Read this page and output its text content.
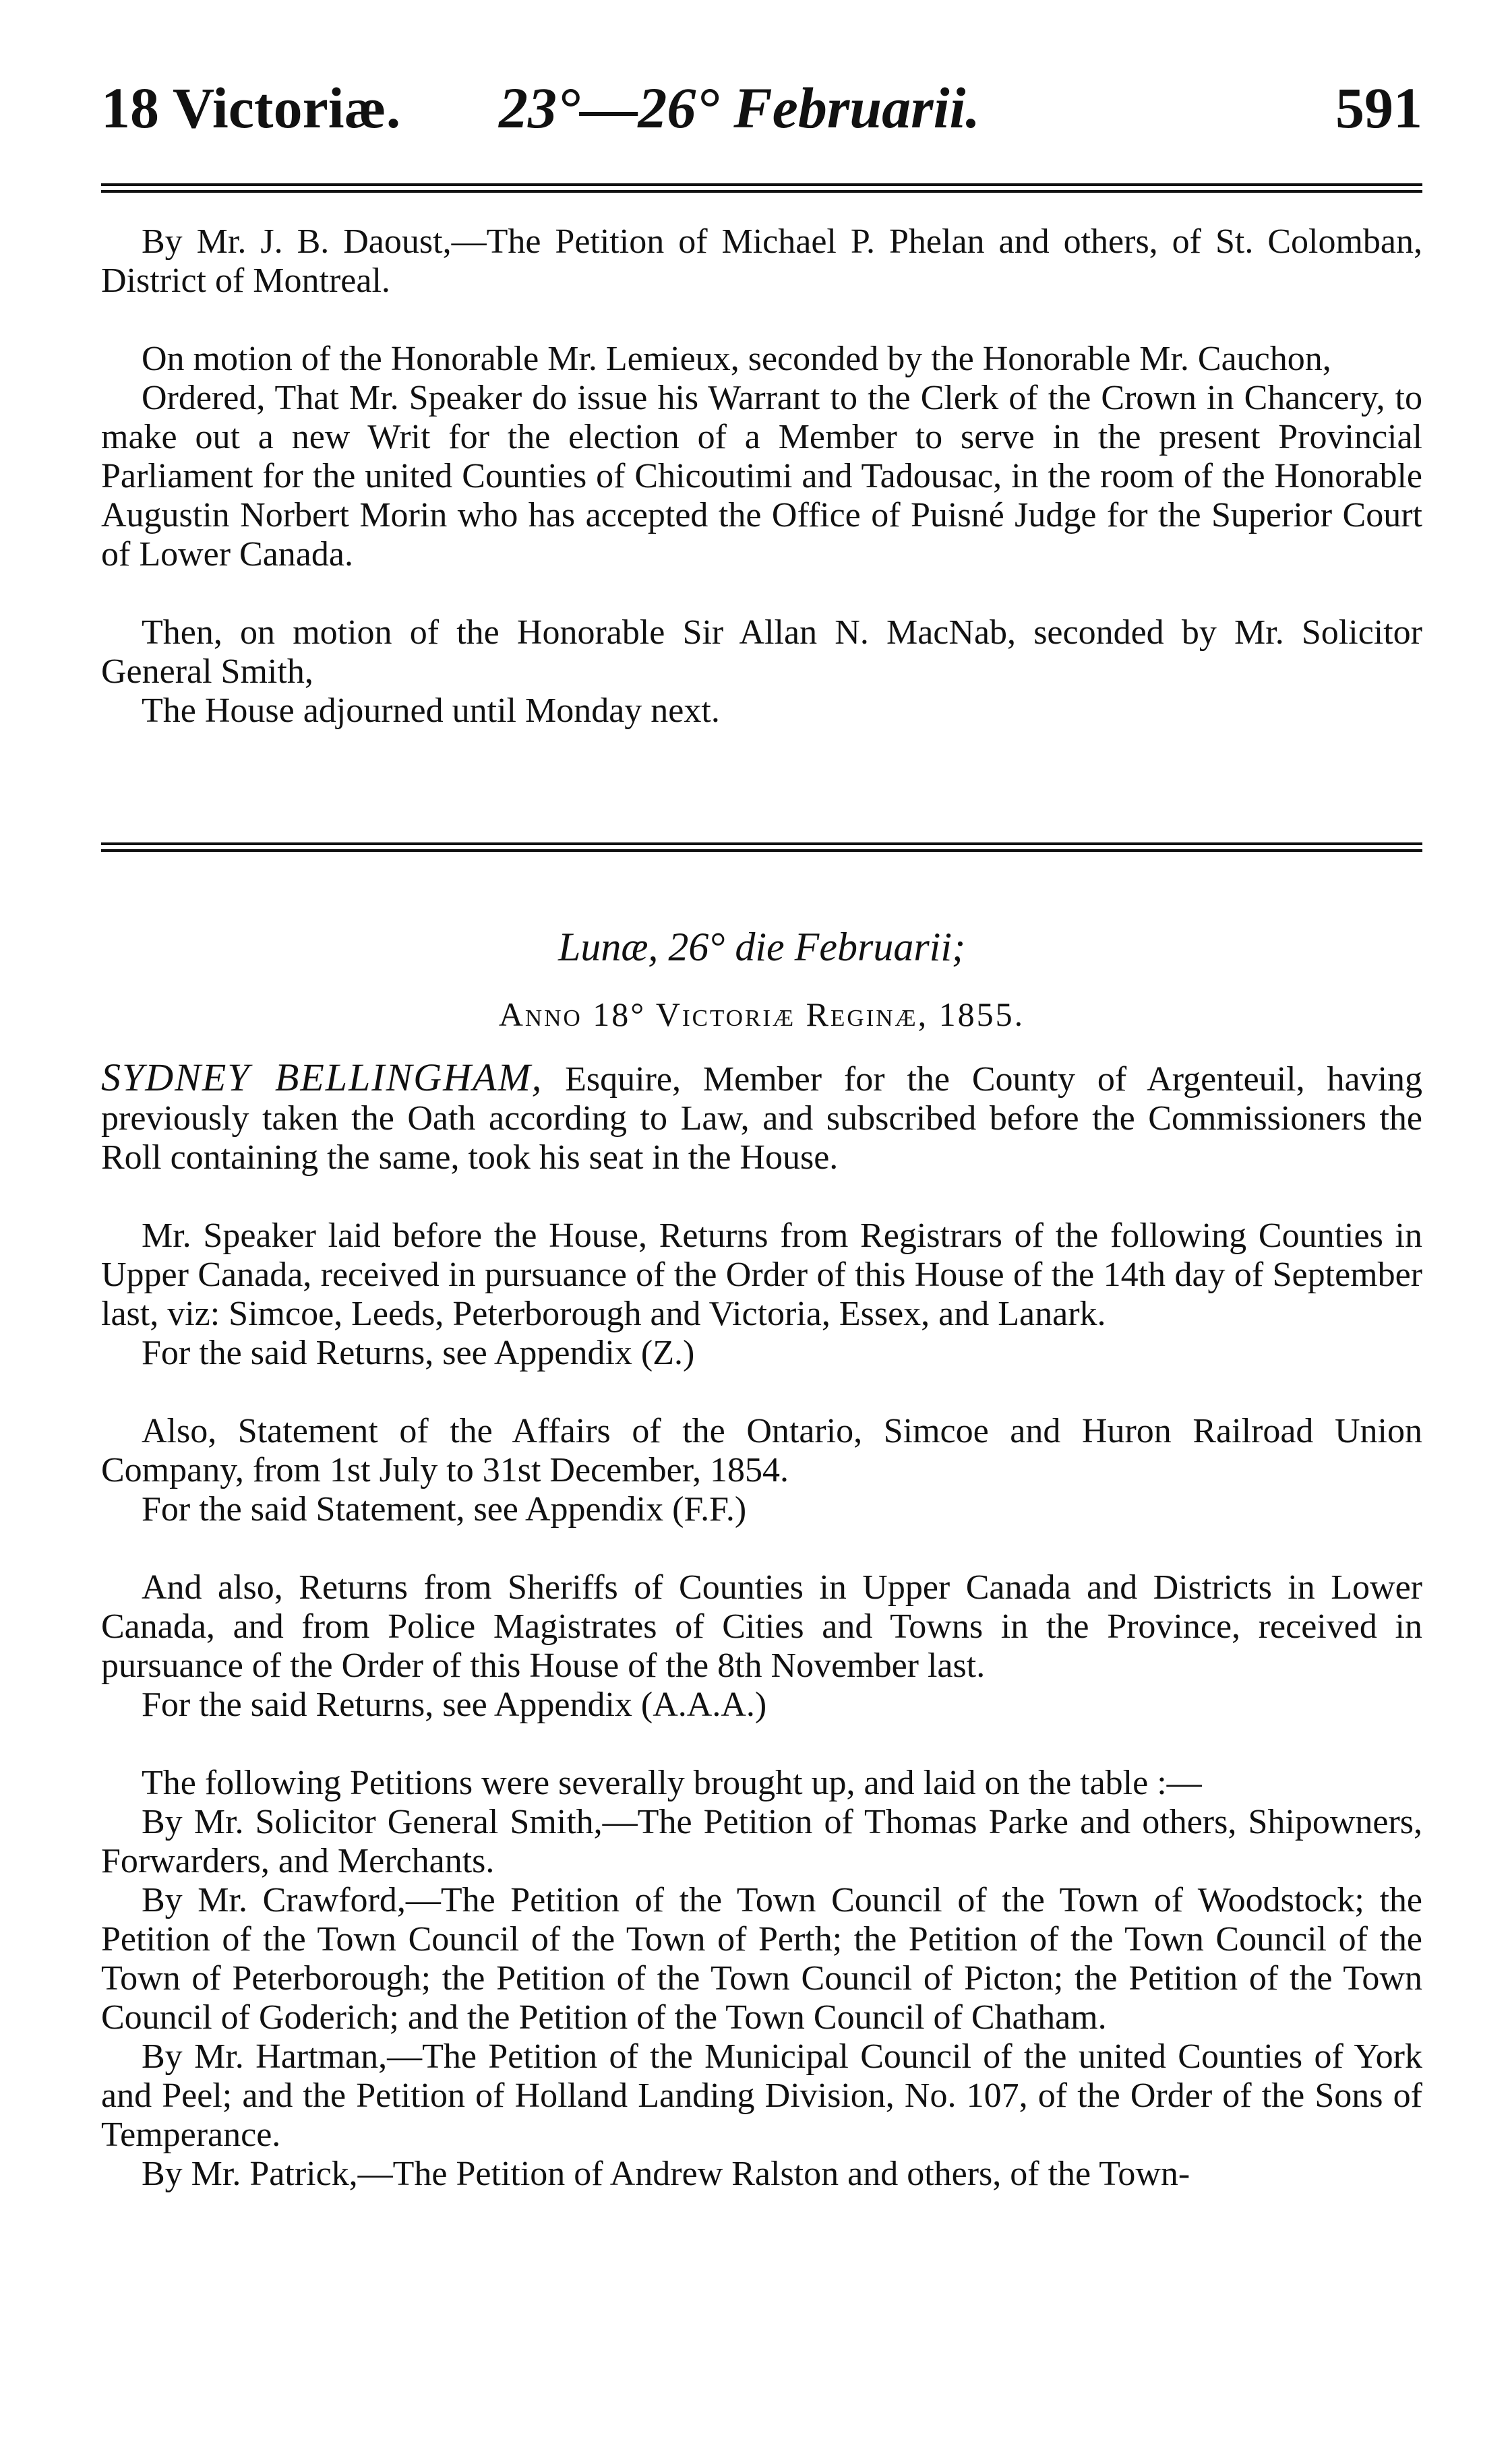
18 Victoriæ. 23°—26° Februarii.	591

By Mr. J. B. Daoust,—The Petition of Michael P. Phelan and others, of St. Colomban, District of Montreal.

On motion of the Honorable Mr. Lemieux, seconded by the Honorable Mr. Cauchon,

Ordered, That Mr. Speaker do issue his Warrant to the Clerk of the Crown in Chancery, to make out a new Writ for the election of a Member to serve in the present Provincial Parliament for the united Counties of Chicoutimi and Tadousac, in the room of the Honorable Augustin Norbert Morin who has accepted the Office of Puisné Judge for the Superior Court of Lower Canada.

Then, on motion of the Honorable Sir Allan N. MacNab, seconded by Mr. Solicitor General Smith,

The House adjourned until Monday next.

Lunæ, 26° die Februarii;

Anno 18° Victoriæ Reginæ, 1855.

SYDNEY BELLINGHAM, Esquire, Member for the County of Argenteuil, having previously taken the Oath according to Law, and subscribed before the Commissioners the Roll containing the same, took his seat in the House.

Mr. Speaker laid before the House, Returns from Registrars of the following Counties in Upper Canada, received in pursuance of the Order of this House of the 14th day of September last, viz: Simcoe, Leeds, Peterborough and Victoria, Essex, and Lanark.

For the said Returns, see Appendix (Z.)

Also, Statement of the Affairs of the Ontario, Simcoe and Huron Railroad Union Company, from 1st July to 31st December, 1854.

For the said Statement, see Appendix (F.F.)

And also, Returns from Sheriffs of Counties in Upper Canada and Districts in Lower Canada, and from Police Magistrates of Cities and Towns in the Province, received in pursuance of the Order of this House of the 8th November last.

For the said Returns, see Appendix (A.A.A.)

The following Petitions were severally brought up, and laid on the table :—

By Mr. Solicitor General Smith,—The Petition of Thomas Parke and others, Shipowners, Forwarders, and Merchants.

By Mr. Crawford,—The Petition of the Town Council of the Town of Woodstock; the Petition of the Town Council of the Town of Perth; the Petition of the Town Council of the Town of Peterborough; the Petition of the Town Council of Picton; the Petition of the Town Council of Goderich; and the Petition of the Town Council of Chatham.

By Mr. Hartman,—The Petition of the Municipal Council of the united Counties of York and Peel; and the Petition of Holland Landing Division, No. 107, of the Order of the Sons of Temperance.

By Mr. Patrick,—The Petition of Andrew Ralston and others, of the Town-
